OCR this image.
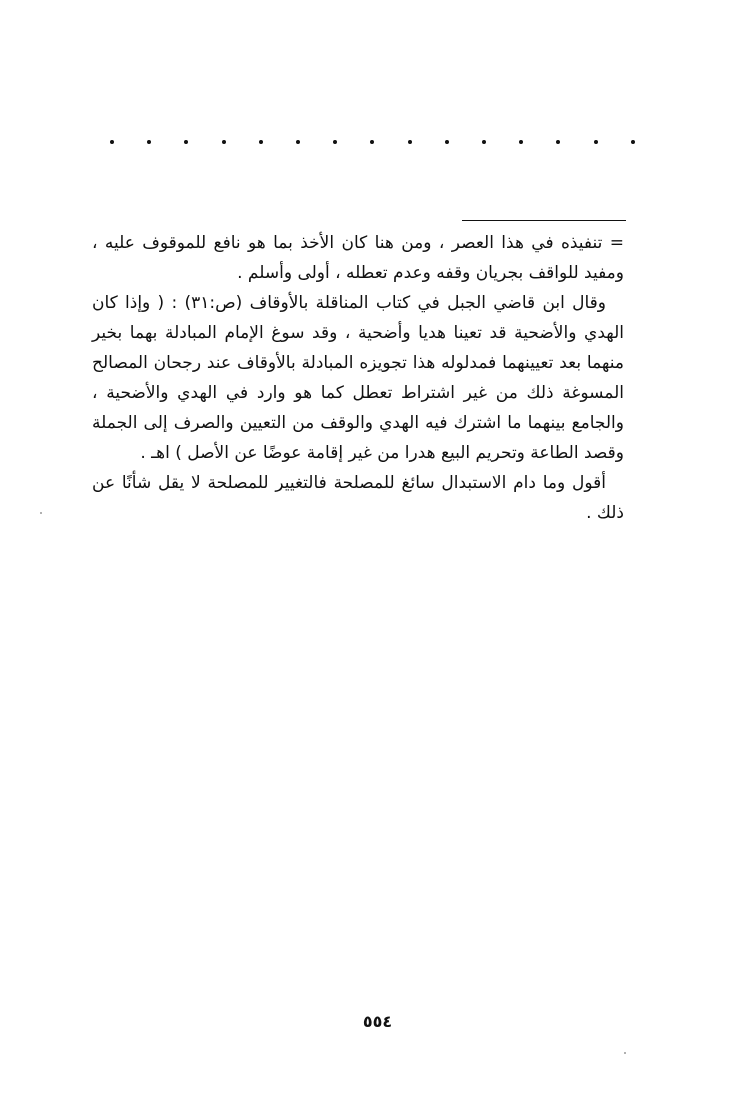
= تنفيذه في هذا العصر ، ومن هنا كان الأخذ بما هو نافع للموقوف عليه ، ومفيد للواقف بجريان وقفه وعدم تعطله ، أولى وأسلم .

وقال ابن قاضي الجبل في كتاب المناقلة بالأوقاف (ص:٣١) : ( وإذا كان الهدي والأضحية قد تعينا هديا وأضحية ، وقد سوغ الإمام المبادلة بهما بخير منهما بعد تعيينهما فمدلوله هذا تجويزه المبادلة بالأوقاف عند رجحان المصالح المسوغة ذلك من غير اشتراط تعطل كما هو وارد في الهدي والأضحية ، والجامع بينهما ما اشترك فيه الهدي والوقف من التعيين والصرف إلى الجملة وقصد الطاعة وتحريم البيع هدرا من غير إقامة عوضًا عن الأصل ) اهـ .

أقول وما دام الاستبدال سائغ للمصلحة فالتغيير للمصلحة لا يقل شأنًا عن ذلك .

٥٥٤
